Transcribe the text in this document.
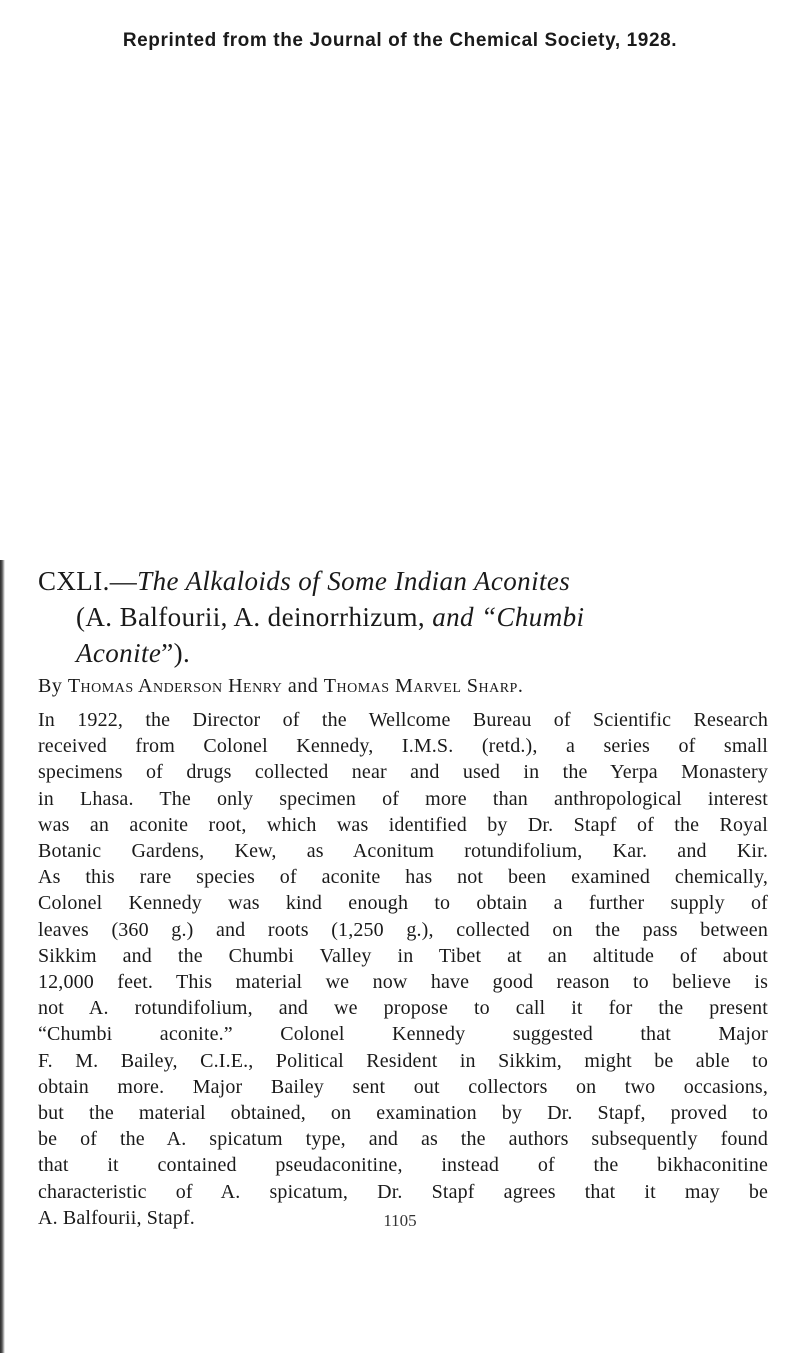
Reprinted from the Journal of the Chemical Society, 1928.
CXLI.—The Alkaloids of Some Indian Aconites
(A. Balfourii, A. deinorrhizum, and “Chumbi
Aconite”).
By Thomas Anderson Henry and Thomas Marvel Sharp.
In 1922, the Director of the Wellcome Bureau of Scientific Research
received from Colonel Kennedy, I.M.S. (retd.), a series of small
specimens of drugs collected near and used in the Yerpa Monastery
in Lhasa. The only specimen of more than anthropological interest
was an aconite root, which was identified by Dr. Stapf of the Royal
Botanic Gardens, Kew, as Aconitum rotundifolium, Kar. and Kir.
As this rare species of aconite has not been examined chemically,
Colonel Kennedy was kind enough to obtain a further supply of
leaves (360 g.) and roots (1,250 g.), collected on the pass between
Sikkim and the Chumbi Valley in Tibet at an altitude of about
12,000 feet. This material we now have good reason to believe is
not A. rotundifolium, and we propose to call it for the present
“Chumbi aconite.” Colonel Kennedy suggested that Major
F. M. Bailey, C.I.E., Political Resident in Sikkim, might be able to
obtain more. Major Bailey sent out collectors on two occasions,
but the material obtained, on examination by Dr. Stapf, proved to
be of the A. spicatum type, and as the authors subsequently found
that it contained pseudaconitine, instead of the bikhaconitine
characteristic of A. spicatum, Dr. Stapf agrees that it may be
A. Balfourii, Stapf.	1105
